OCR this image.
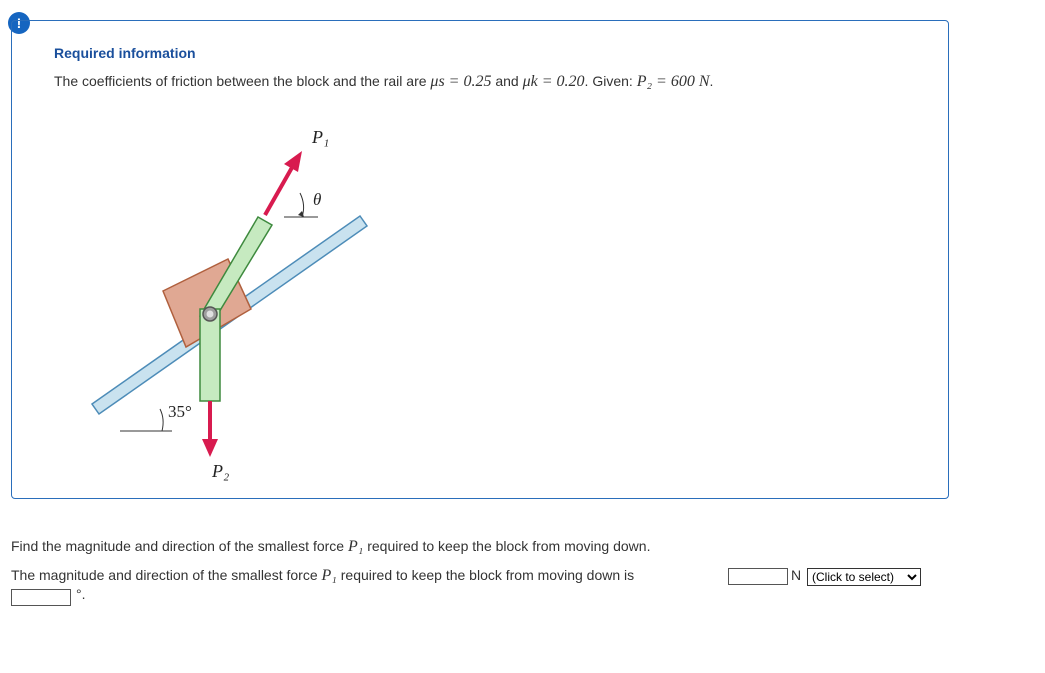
!
Required information
The coefficients of friction between the block and the rail are μs = 0.25 and μk = 0.20. Given: P₂ = 600 N.
P₁
θ
35°
P₂
Find the magnitude and direction of the smallest force P₁ required to keep the block from moving down.
The magnitude and direction of the smallest force P₁ required to keep the block from moving down is	N
(Click to select)
°.
